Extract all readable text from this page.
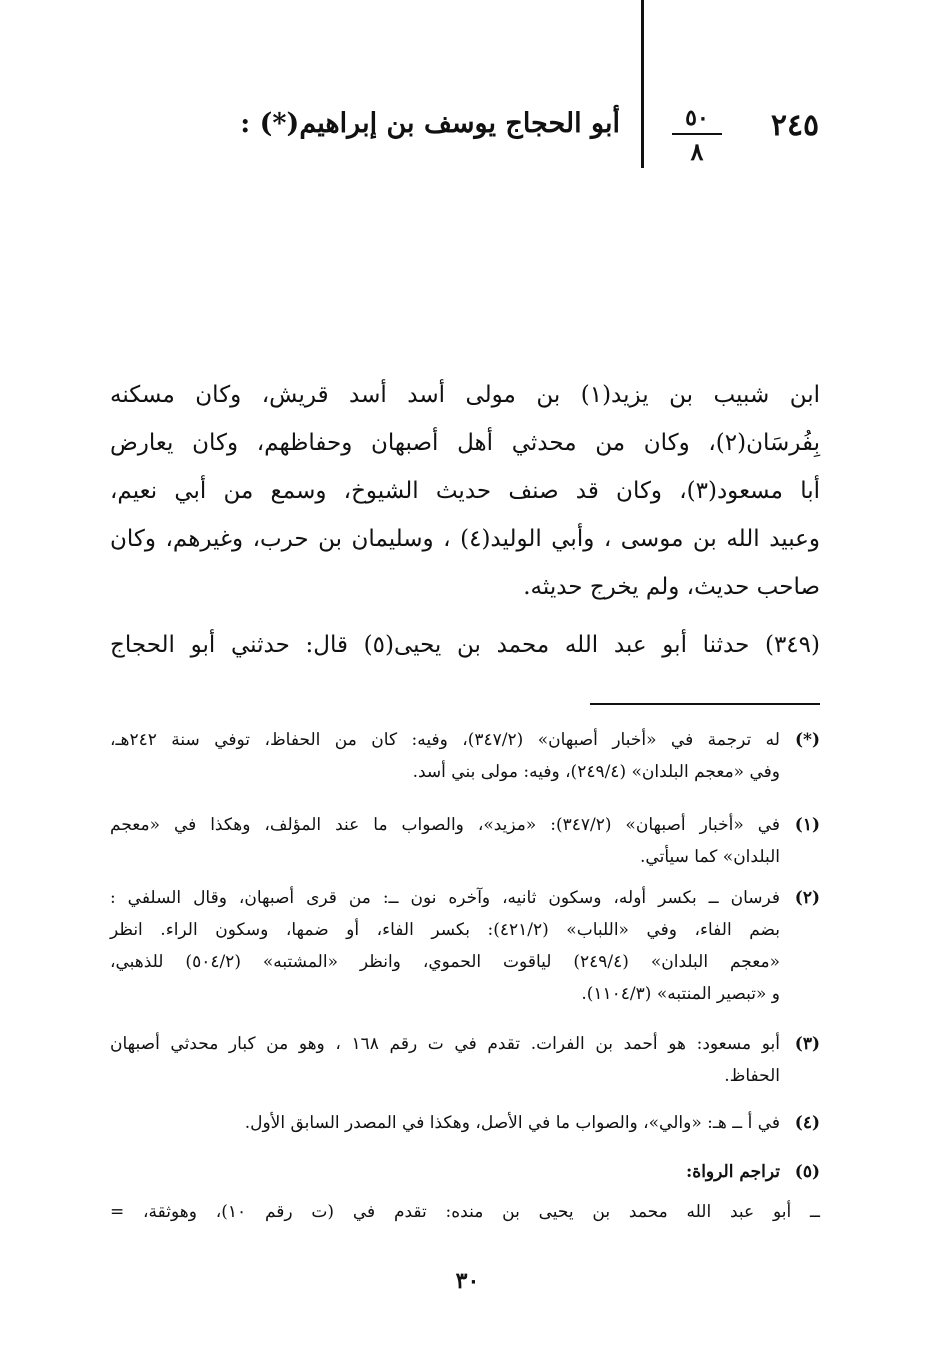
٢٤٥
٥٠
٨
أبو الحجاج يوسف بن إبراهيم(*) :
ابن شبيب بن يزيد(١) بن مولى أسد أسد قريش، وكان مسكنه
بِفُرسَان(٢)، وكان من محدثي أهل أصبهان وحفاظهم، وكان يعارض
أبا مسعود(٣)، وكان قد صنف حديث الشيوخ، وسمع من أبي نعيم،
وعبيد الله بن موسى ، وأبي الوليد(٤) ، وسليمان بن حرب، وغيرهم، وكان
صاحب حديث، ولم يخرج حديثه.
(٣٤٩) حدثنا أبو عبد الله محمد بن يحيى(٥) قال: حدثني أبو الحجاج
(*)
له ترجمة في «أخبار أصبهان» (٣٤٧/٢)، وفيه: كان من الحفاظ، توفي سنة ٢٤٢هـ،
وفي «معجم البلدان» (٢٤٩/٤)، وفيه: مولى بني أسد.
(١)
في «أخبار أصبهان» (٣٤٧/٢): «مزيد»، والصواب ما عند المؤلف، وهكذا في «معجم
البلدان» كما سيأتي.
(٢)
فرسان ــ بكسر أوله، وسكون ثانيه، وآخره نون ــ: من قرى أصبهان، وقال السلفي :
بضم الفاء، وفي «اللباب» (٤٢١/٢): بكسر الفاء، أو ضمها، وسكون الراء. انظر
«معجم البلدان» (٢٤٩/٤) لياقوت الحموي، وانظر «المشتبه» (٥٠٤/٢) للذهبي،
و «تبصير المنتبه» (١١٠٤/٣).
(٣)
أبو مسعود: هو أحمد بن الفرات. تقدم في ت رقم ١٦٨ ، وهو من كبار محدثي أصبهان
الحفاظ.
(٤)
في أ ــ هـ: «والي»، والصواب ما في الأصل، وهكذا في المصدر السابق الأول.
(٥)
تراجم الرواة:
ــ أبو عبد الله محمد بن يحيى بن منده: تقدم في (ت رقم ١٠)، وهوثقة، =
٣٠
